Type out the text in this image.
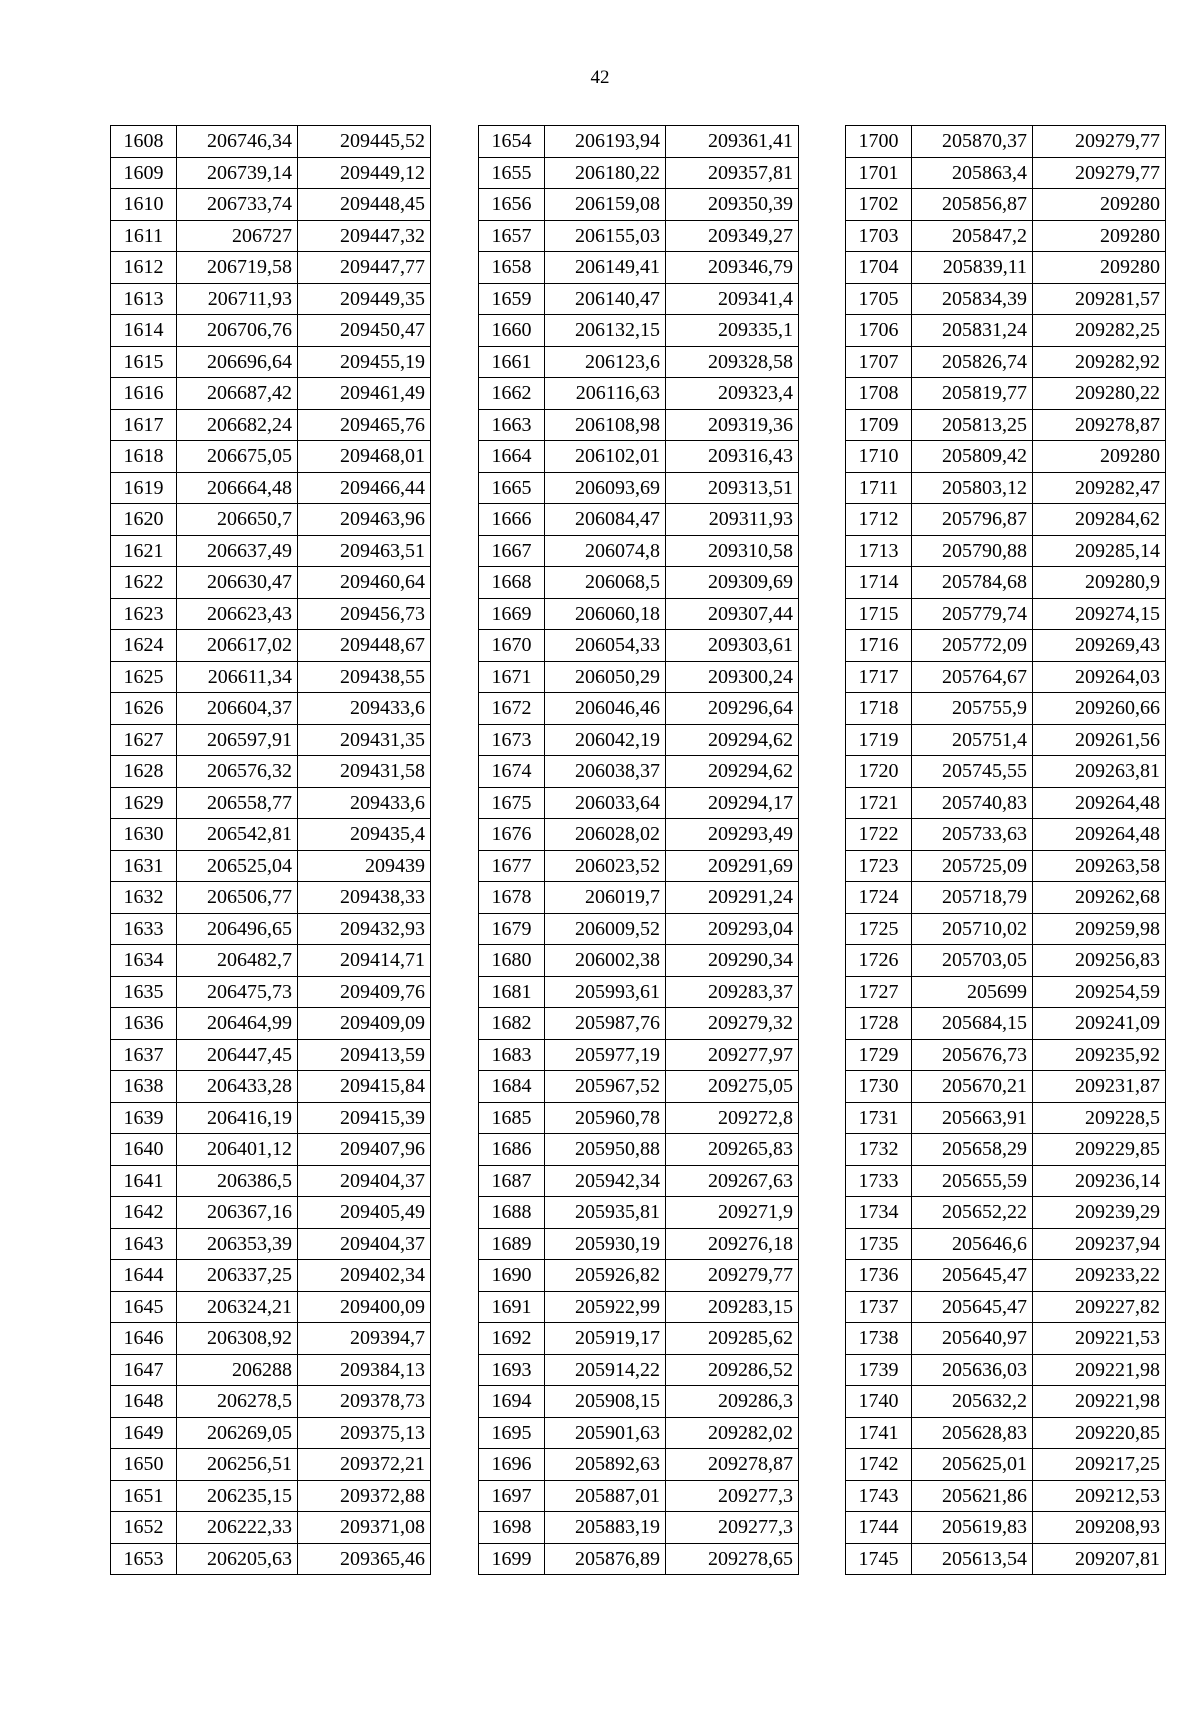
42
1608	206746,34	209445,52
1609	206739,14	209449,12
1610	206733,74	209448,45
1611	206727	209447,32
1612	206719,58	209447,77
1613	206711,93	209449,35
1614	206706,76	209450,47
1615	206696,64	209455,19
1616	206687,42	209461,49
1617	206682,24	209465,76
1618	206675,05	209468,01
1619	206664,48	209466,44
1620	206650,7	209463,96
1621	206637,49	209463,51
1622	206630,47	209460,64
1623	206623,43	209456,73
1624	206617,02	209448,67
1625	206611,34	209438,55
1626	206604,37	209433,6
1627	206597,91	209431,35
1628	206576,32	209431,58
1629	206558,77	209433,6
1630	206542,81	209435,4
1631	206525,04	209439
1632	206506,77	209438,33
1633	206496,65	209432,93
1634	206482,7	209414,71
1635	206475,73	209409,76
1636	206464,99	209409,09
1637	206447,45	209413,59
1638	206433,28	209415,84
1639	206416,19	209415,39
1640	206401,12	209407,96
1641	206386,5	209404,37
1642	206367,16	209405,49
1643	206353,39	209404,37
1644	206337,25	209402,34
1645	206324,21	209400,09
1646	206308,92	209394,7
1647	206288	209384,13
1648	206278,5	209378,73
1649	206269,05	209375,13
1650	206256,51	209372,21
1651	206235,15	209372,88
1652	206222,33	209371,08
1653	206205,63	209365,46
1654	206193,94	209361,41
1655	206180,22	209357,81
1656	206159,08	209350,39
1657	206155,03	209349,27
1658	206149,41	209346,79
1659	206140,47	209341,4
1660	206132,15	209335,1
1661	206123,6	209328,58
1662	206116,63	209323,4
1663	206108,98	209319,36
1664	206102,01	209316,43
1665	206093,69	209313,51
1666	206084,47	209311,93
1667	206074,8	209310,58
1668	206068,5	209309,69
1669	206060,18	209307,44
1670	206054,33	209303,61
1671	206050,29	209300,24
1672	206046,46	209296,64
1673	206042,19	209294,62
1674	206038,37	209294,62
1675	206033,64	209294,17
1676	206028,02	209293,49
1677	206023,52	209291,69
1678	206019,7	209291,24
1679	206009,52	209293,04
1680	206002,38	209290,34
1681	205993,61	209283,37
1682	205987,76	209279,32
1683	205977,19	209277,97
1684	205967,52	209275,05
1685	205960,78	209272,8
1686	205950,88	209265,83
1687	205942,34	209267,63
1688	205935,81	209271,9
1689	205930,19	209276,18
1690	205926,82	209279,77
1691	205922,99	209283,15
1692	205919,17	209285,62
1693	205914,22	209286,52
1694	205908,15	209286,3
1695	205901,63	209282,02
1696	205892,63	209278,87
1697	205887,01	209277,3
1698	205883,19	209277,3
1699	205876,89	209278,65
1700	205870,37	209279,77
1701	205863,4	209279,77
1702	205856,87	209280
1703	205847,2	209280
1704	205839,11	209280
1705	205834,39	209281,57
1706	205831,24	209282,25
1707	205826,74	209282,92
1708	205819,77	209280,22
1709	205813,25	209278,87
1710	205809,42	209280
1711	205803,12	209282,47
1712	205796,87	209284,62
1713	205790,88	209285,14
1714	205784,68	209280,9
1715	205779,74	209274,15
1716	205772,09	209269,43
1717	205764,67	209264,03
1718	205755,9	209260,66
1719	205751,4	209261,56
1720	205745,55	209263,81
1721	205740,83	209264,48
1722	205733,63	209264,48
1723	205725,09	209263,58
1724	205718,79	209262,68
1725	205710,02	209259,98
1726	205703,05	209256,83
1727	205699	209254,59
1728	205684,15	209241,09
1729	205676,73	209235,92
1730	205670,21	209231,87
1731	205663,91	209228,5
1732	205658,29	209229,85
1733	205655,59	209236,14
1734	205652,22	209239,29
1735	205646,6	209237,94
1736	205645,47	209233,22
1737	205645,47	209227,82
1738	205640,97	209221,53
1739	205636,03	209221,98
1740	205632,2	209221,98
1741	205628,83	209220,85
1742	205625,01	209217,25
1743	205621,86	209212,53
1744	205619,83	209208,93
1745	205613,54	209207,81
